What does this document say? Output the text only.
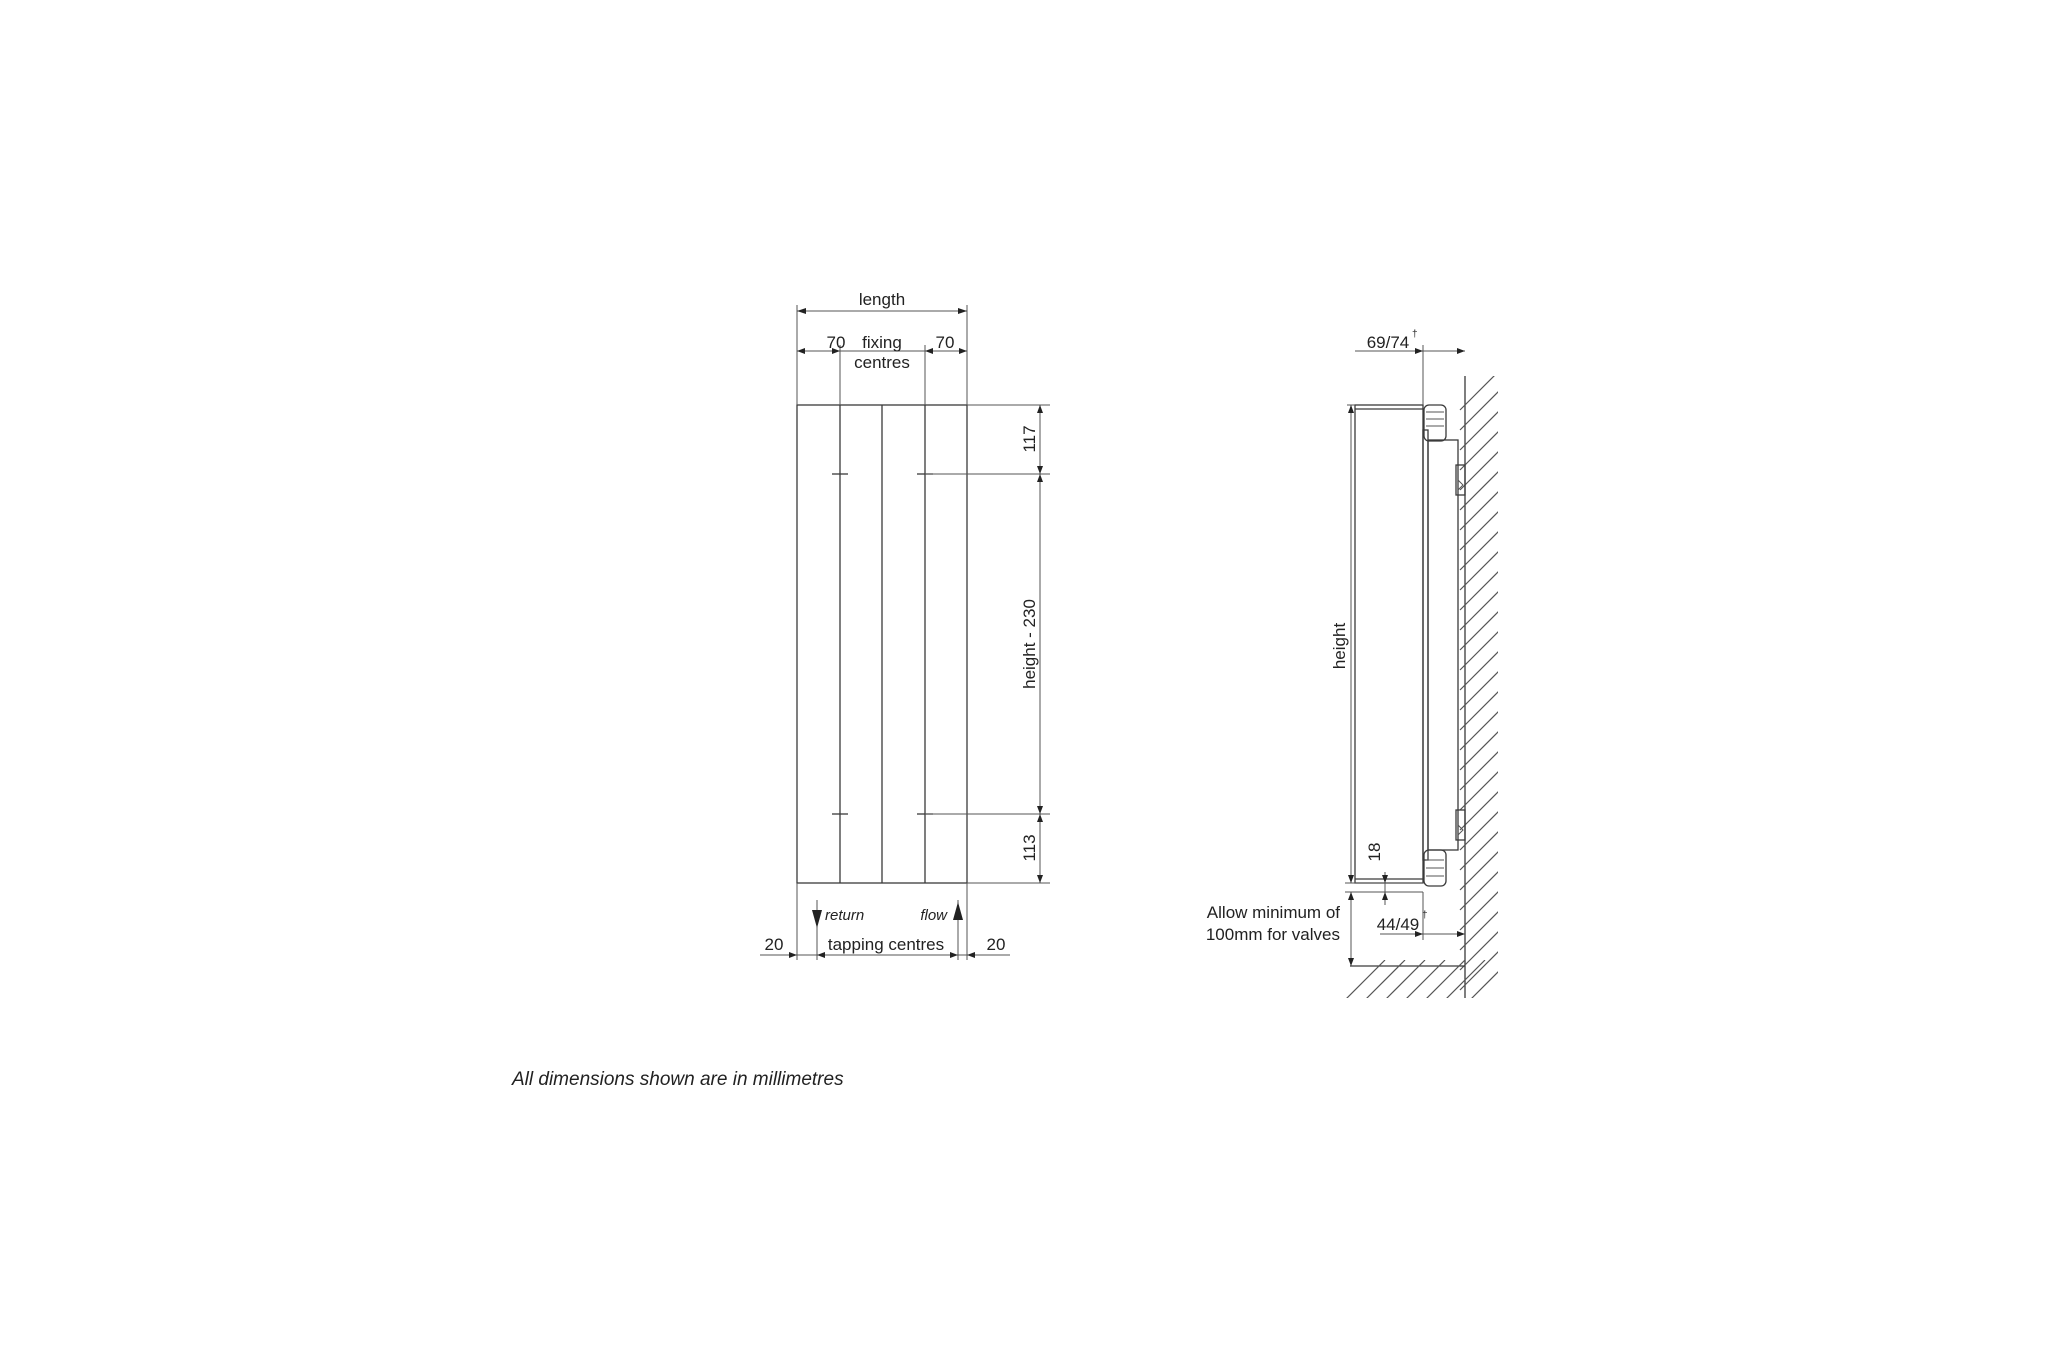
length
70	70
fixing
centres
117
height - 230
113
return	flow
20	20
tapping centres
69/74 †
height
18
Allow minimum of
100mm for valves
44/49 †
All dimensions shown are in millimetres
